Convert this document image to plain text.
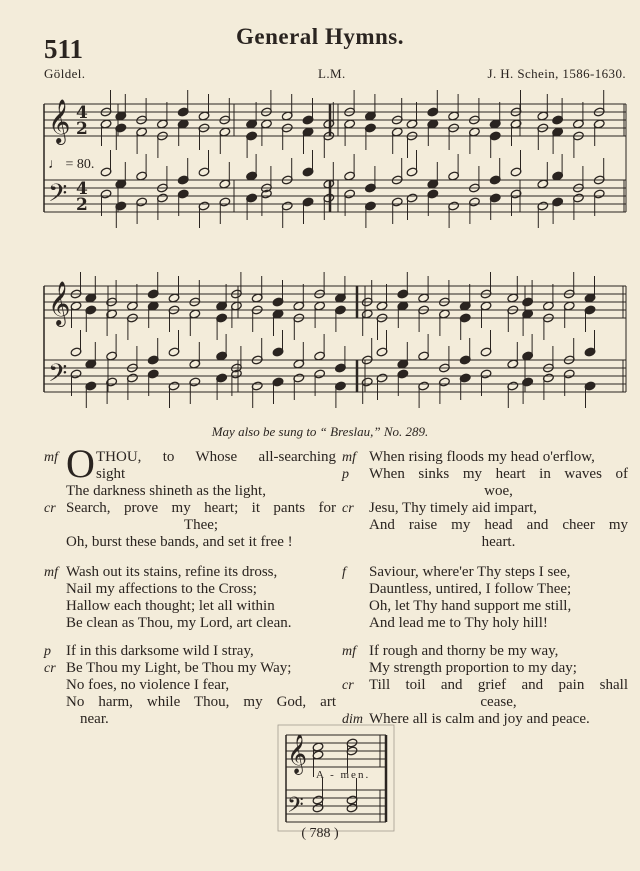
511	General Hymns.
Göldel.	L.M.	J. H. Schein, 1586-1630.
𝄞
𝄢
4
2
4
2
𝄞
𝄢
𝄞
𝄢
♩ = 80.
May also be sung to “ Breslau,” No. 289.
mf O THOU, to Whose all-searching
sight
The darkness shineth as the light,
cr Search, prove my heart; it pants for
Thee;
Oh, burst these bands, and set it free !
mf Wash out its stains, refine its dross,
Nail my affections to the Cross;
Hallow each thought; let all within
Be clean as Thou, my Lord, art clean.
p If in this darksome wild I stray,
cr Be Thou my Light, be Thou my Way;
No foes, no violence I fear,
No harm, while Thou, my God, art
near.
mf When rising floods my head o'erflow,
p When sinks my heart in waves of
woe,
cr Jesu, Thy timely aid impart,
And raise my head and cheer my
heart.
f Saviour, where'er Thy steps I see,
Dauntless, untired, I follow Thee;
Oh, let Thy hand support me still,
And lead me to Thy holy hill!
mf If rough and thorny be my way,
My strength proportion to my day;
cr Till toil and grief and pain shall
cease,
dim Where all is calm and joy and peace.
A - men.
( 788 )
